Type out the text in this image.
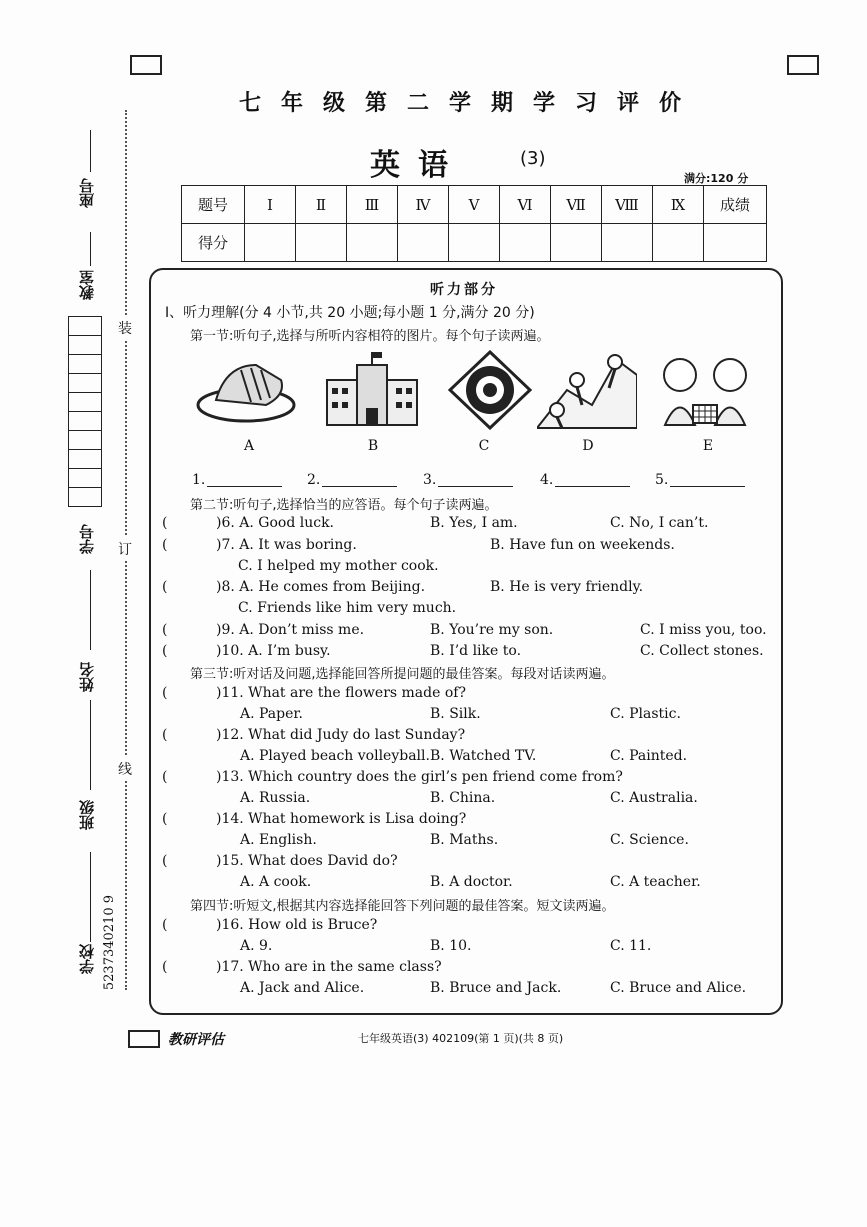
装
订
线
座号
教室
学号
姓名
班级
学校 5237340210 9
七年级第二学期学习评价
英语	(3)
满分:120 分
题号	Ⅰ	Ⅱ	Ⅲ	Ⅳ	Ⅴ	Ⅵ	Ⅶ	Ⅷ	Ⅸ	成绩
得分										
听力部分
Ⅰ、听力理解(分 4 小节,共 20 小题;每小题 1 分,满分 20 分)
第一节:听句子,选择与所听内容相符的图片。每个句子读两遍。
A	B	C	D	E
1.	2.	3.	4.	5.
第二节:听句子,选择恰当的应答语。每个句子读两遍。
(	)6. A. Good luck.	B. Yes, I am.	C. No, I can’t.
(	)7. A. It was boring.	B. Have fun on weekends.
C. I helped my mother cook.
(	)8. A. He comes from Beijing.	B. He is very friendly.
C. Friends like him very much.
(	)9. A. Don’t miss me.	B. You’re my son.	C. I miss you, too.
(	)10. A. I’m busy.	B. I’d like to.	C. Collect stones.
第三节:听对话及问题,选择能回答所提问题的最佳答案。每段对话读两遍。
(	)11. What are the flowers made of?
A. Paper.	B. Silk.	C. Plastic.
(	)12. What did Judy do last Sunday?
A. Played beach volleyball. B. Watched TV.	C. Painted.
(	)13. Which country does the girl’s pen friend come from?
A. Russia.	B. China.	C. Australia.
(	)14. What homework is Lisa doing?
A. English.	B. Maths.	C. Science.
(	)15. What does David do?
A. A cook.	B. A doctor.	C. A teacher.
第四节:听短文,根据其内容选择能回答下列问题的最佳答案。短文读两遍。
(	)16. How old is Bruce?
A. 9.	B. 10.	C. 11.
(	)17. Who are in the same class?
A. Jack and Alice.	B. Bruce and Jack.	C. Bruce and Alice.
教研评估	七年级英语(3) 402109(第 1 页)(共 8 页)
